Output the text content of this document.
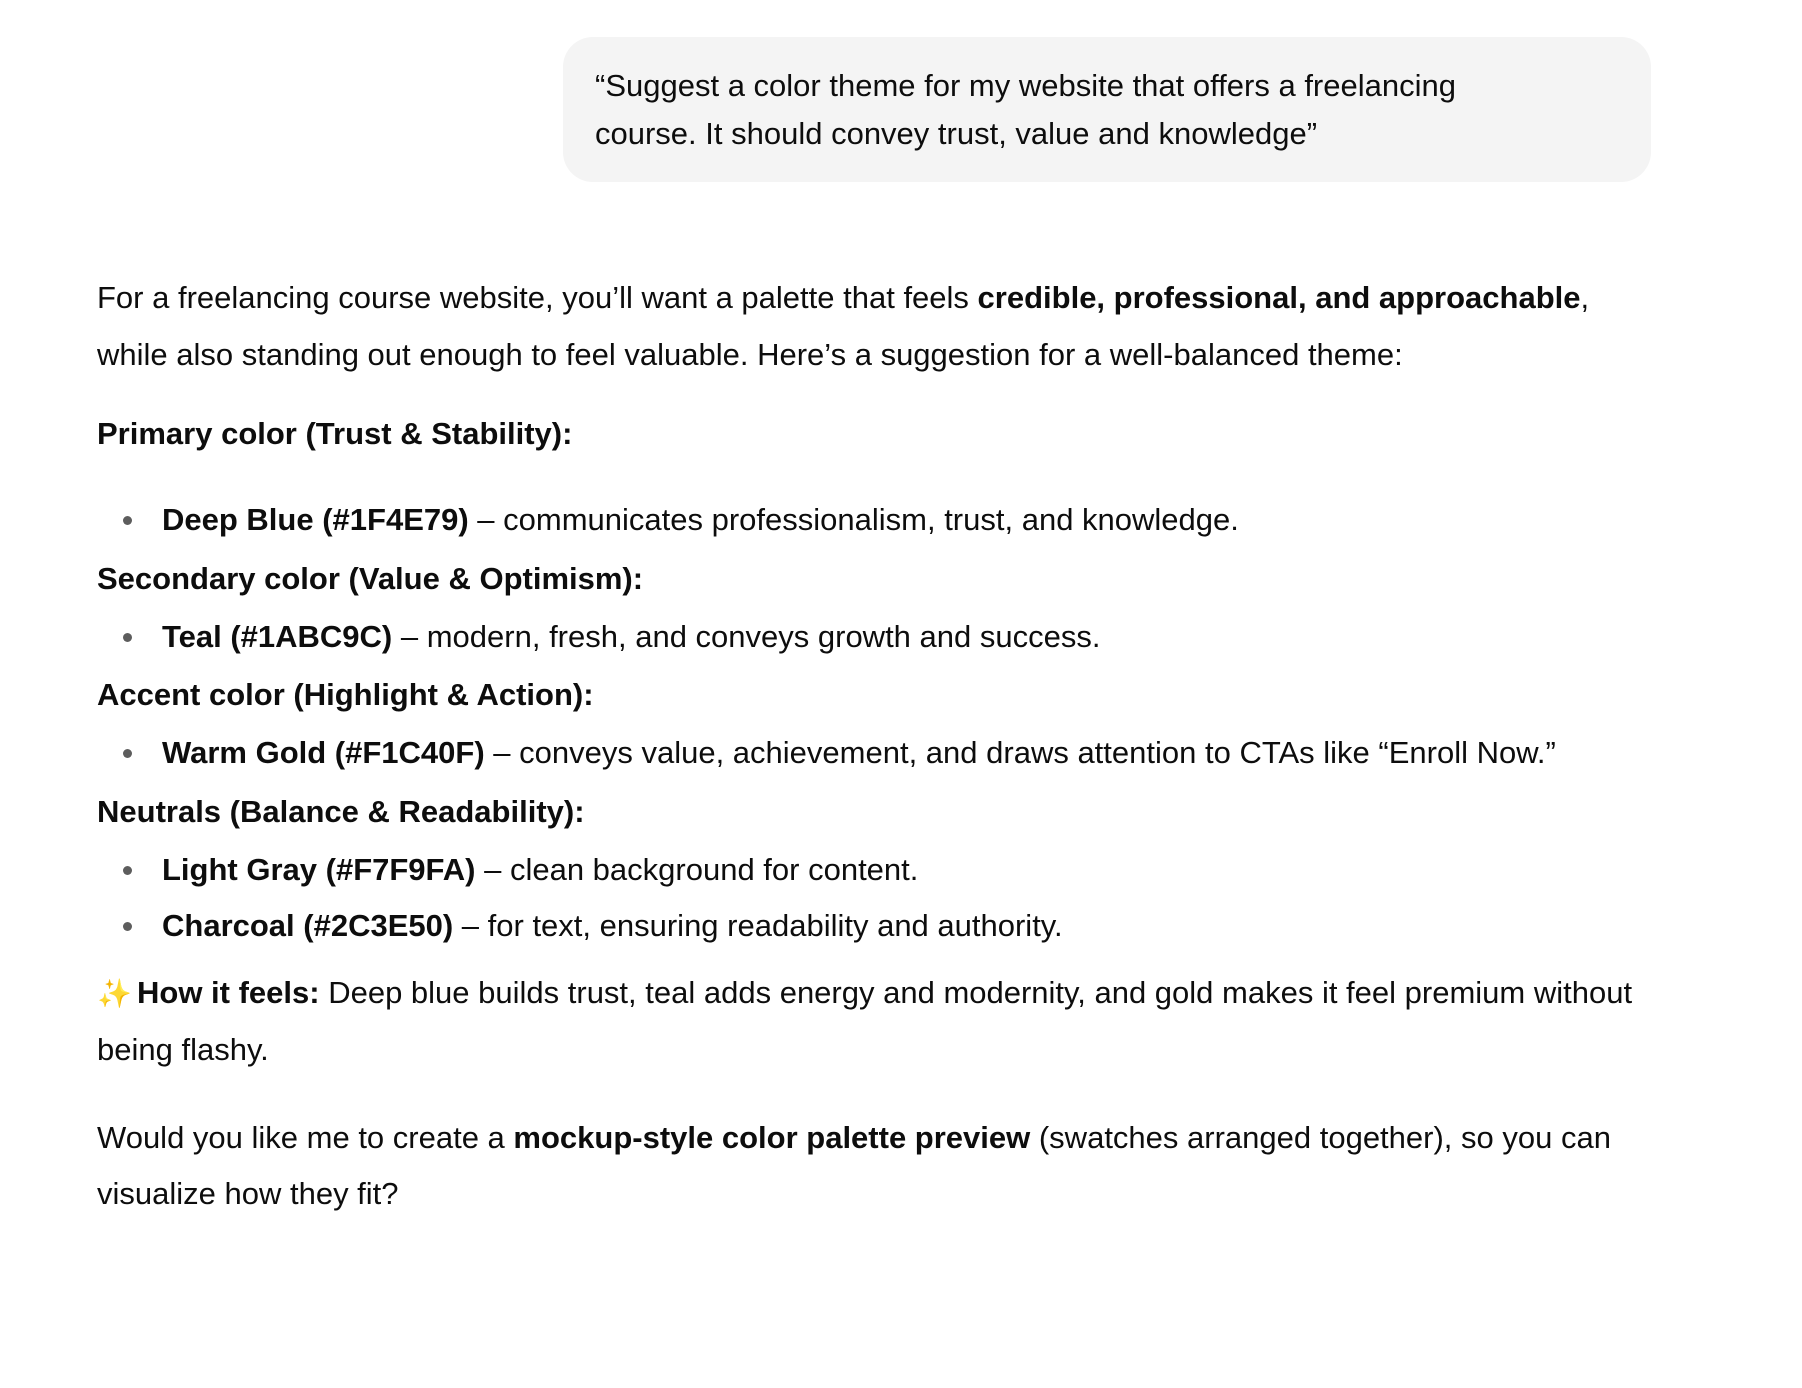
“Suggest a color theme for my website that offers a freelancing
course. It should convey trust, value and knowledge”

For a freelancing course website, you’ll want a palette that feels credible, professional, and approachable, while also standing out enough to feel valuable. Here’s a suggestion for a well-balanced theme:

Primary color (Trust & Stability):

Deep Blue (#1F4E79) – communicates professionalism, trust, and knowledge.

Secondary color (Value & Optimism):

Teal (#1ABC9C) – modern, fresh, and conveys growth and success.

Accent color (Highlight & Action):

Warm Gold (#F1C40F) – conveys value, achievement, and draws attention to CTAs like “Enroll Now.”

Neutrals (Balance & Readability):

Light Gray (#F7F9FA) – clean background for content.
Charcoal (#2C3E50) – for text, ensuring readability and authority.

✨ How it feels: Deep blue builds trust, teal adds energy and modernity, and gold makes it feel premium without being flashy.

Would you like me to create a mockup-style color palette preview (swatches arranged together), so you can visualize how they fit?
